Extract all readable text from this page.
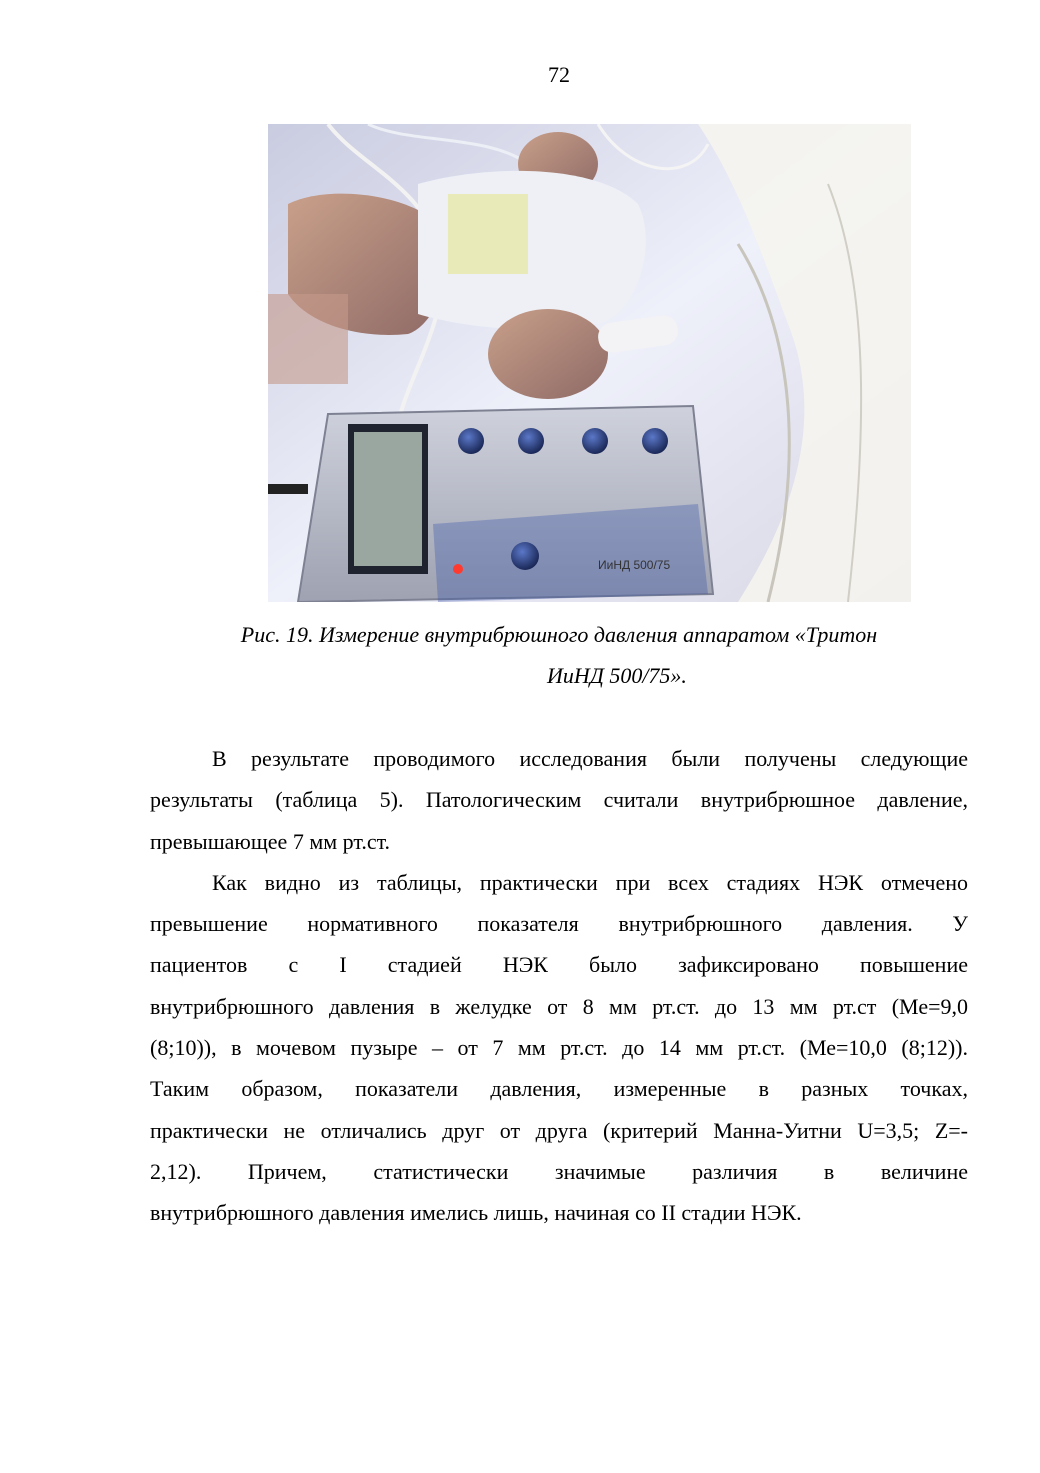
72
ИиНД 500/75
Рис. 19. Измерение внутрибрюшного давления аппаратом «Тритон
ИиНД 500/75».
В результате проводимого исследования были получены следующие
результаты (таблица 5). Патологическим считали внутрибрюшное давление,
превышающее 7 мм рт.ст.
Как видно из таблицы, практически при всех стадиях НЭК отмечено
превышение нормативного показателя внутрибрюшного давления. У
пациентов с I стадией НЭК было зафиксировано повышение
внутрибрюшного давления в желудке от 8 мм рт.ст. до 13 мм рт.ст (Ме=9,0
(8;10)), в мочевом пузыре – от 7 мм рт.ст. до 14 мм рт.ст. (Ме=10,0 (8;12)).
Таким образом, показатели давления, измеренные в разных точках,
практически не отличались друг от друга (критерий Манна-Уитни U=3,5; Z=-
2,12). Причем, статистически значимые различия в величине
внутрибрюшного давления имелись лишь, начиная со II стадии НЭК.
